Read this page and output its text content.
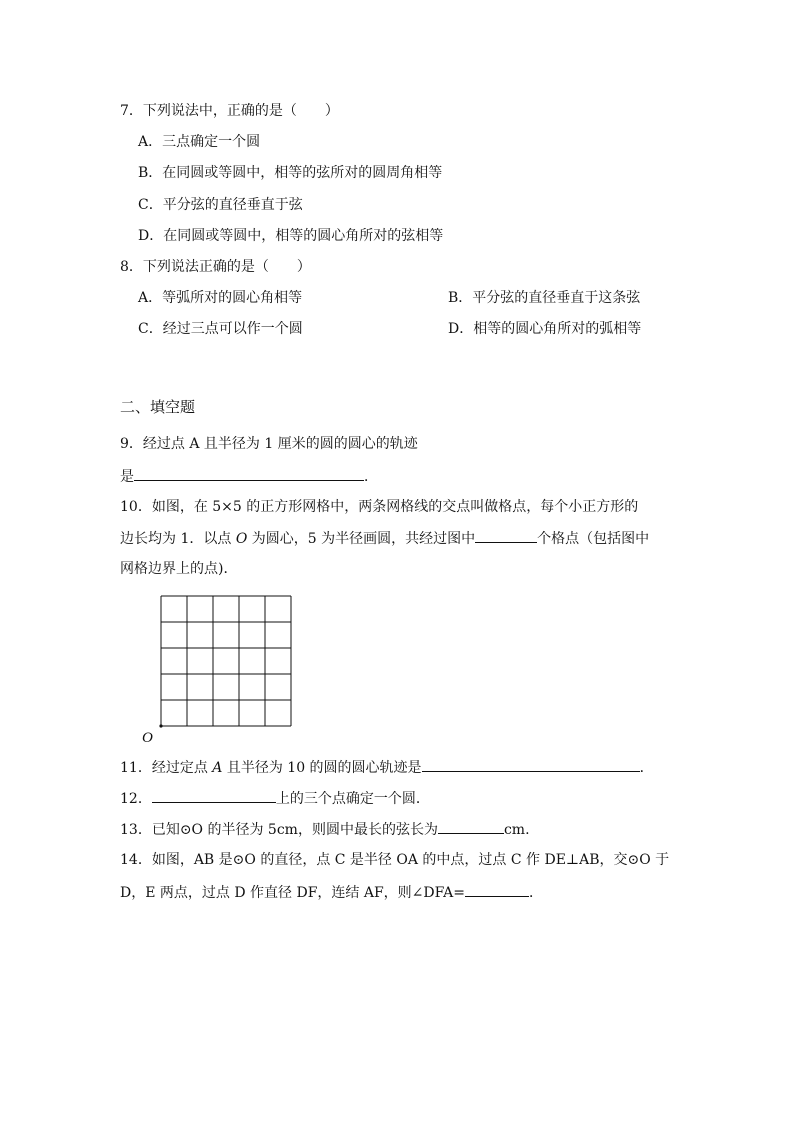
7．下列说法中，正确的是（　　）
A．三点确定一个圆
B．在同圆或等圆中，相等的弦所对的圆周角相等
C．平分弦的直径垂直于弦
D．在同圆或等圆中，相等的圆心角所对的弦相等
8．下列说法正确的是（　　）
A．等弧所对的圆心角相等	B．平分弦的直径垂直于这条弦
C．经过三点可以作一个圆	D．相等的圆心角所对的弧相等
二、填空题
9．经过点 A 且半径为 1 厘米的圆的圆心的轨迹
是	．
10．如图，在 5×5 的正方形网格中，两条网格线的交点叫做格点，每个小正方形的
边长均为 1．以点 O 为圆心，5 为半径画圆，共经过图中	个格点（包括图中
网格边界上的点)．
O
11．经过定点 A 且半径为 10 的圆的圆心轨迹是	．
12．	上的三个点确定一个圆．
13．已知⊙O 的半径为 5cm，则圆中最长的弦长为	cm.
14．如图，AB 是⊙O 的直径，点 C 是半径 OA 的中点，过点 C 作 DE⊥AB，交⊙O 于
D，E 两点，过点 D 作直径 DF，连结 AF，则∠DFA=	．
